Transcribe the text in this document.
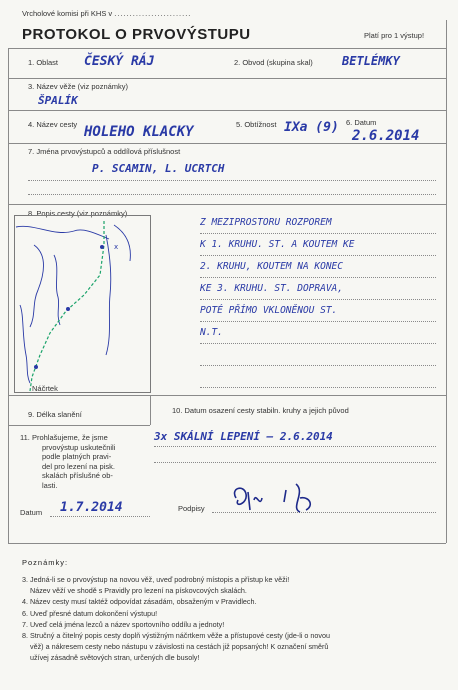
Vrcholové komisi při KHS v .........................
PROTOKOL O PRVOVÝSTUPU	Platí pro 1 výstup!
1. Oblast ČESKÝ RÁJ	2. Obvod (skupina skal) BETLÉMKY
3. Název věže (viz poznámky)
ŠPALÍK
4. Název cesty HOLEHO KLACKY	5. Obtížnost IXa (9) 6. Datum
2.6.2014
7. Jména prvovýstupců a oddílová příslušnost
P. SCAMIN, L. UCRTCH
8. Popis cesty (viz poznámky)
Náčrtek
x
Z MEZIPROSTORU ROZPOREM
K 1. KRUHU. ST. A KOUTEM KE
2. KRUHU, KOUTEM NA KONEC
KE 3. KRUHU. ST. DOPRAVA,
POTÉ PŘÍMO VKLONĚNOU ST.
N.T.
9. Délka slanění	10. Datum osazení cesty stabiln. kruhy a jejich původ
3x SKÁLNÍ LEPENÍ – 2.6.2014
11. Prohlašujeme, že jsme
prvovýstup uskutečnili
podle platných pravi-
del pro lezení na pisk.
skalách příslušné ob-
lasti.
Datum 1.7.2014	Podpisy
Poznámky:
3. Jedná-li se o prvovýstup na novou věž, uveď podrobný místopis a přístup ke věži!
Název věží ve shodě s Pravidly pro lezení na pískovcových skalách.
4. Název cesty musí taktéž odpovídat zásadám, obsaženým v Pravidlech.
6. Uveď přesné datum dokončení výstupu!
7. Uveď celá jména lezců a název sportovního oddílu a jednoty!
8. Stručný a čitelný popis cesty doplň výstižným náčrtkem věže a přístupové cesty (jde-li o novou
věž) a nákresem cesty nebo nástupu v závislosti na cestách již popsaných! K označení směrů
užívej zásadně světových stran, určených dle busoly!
